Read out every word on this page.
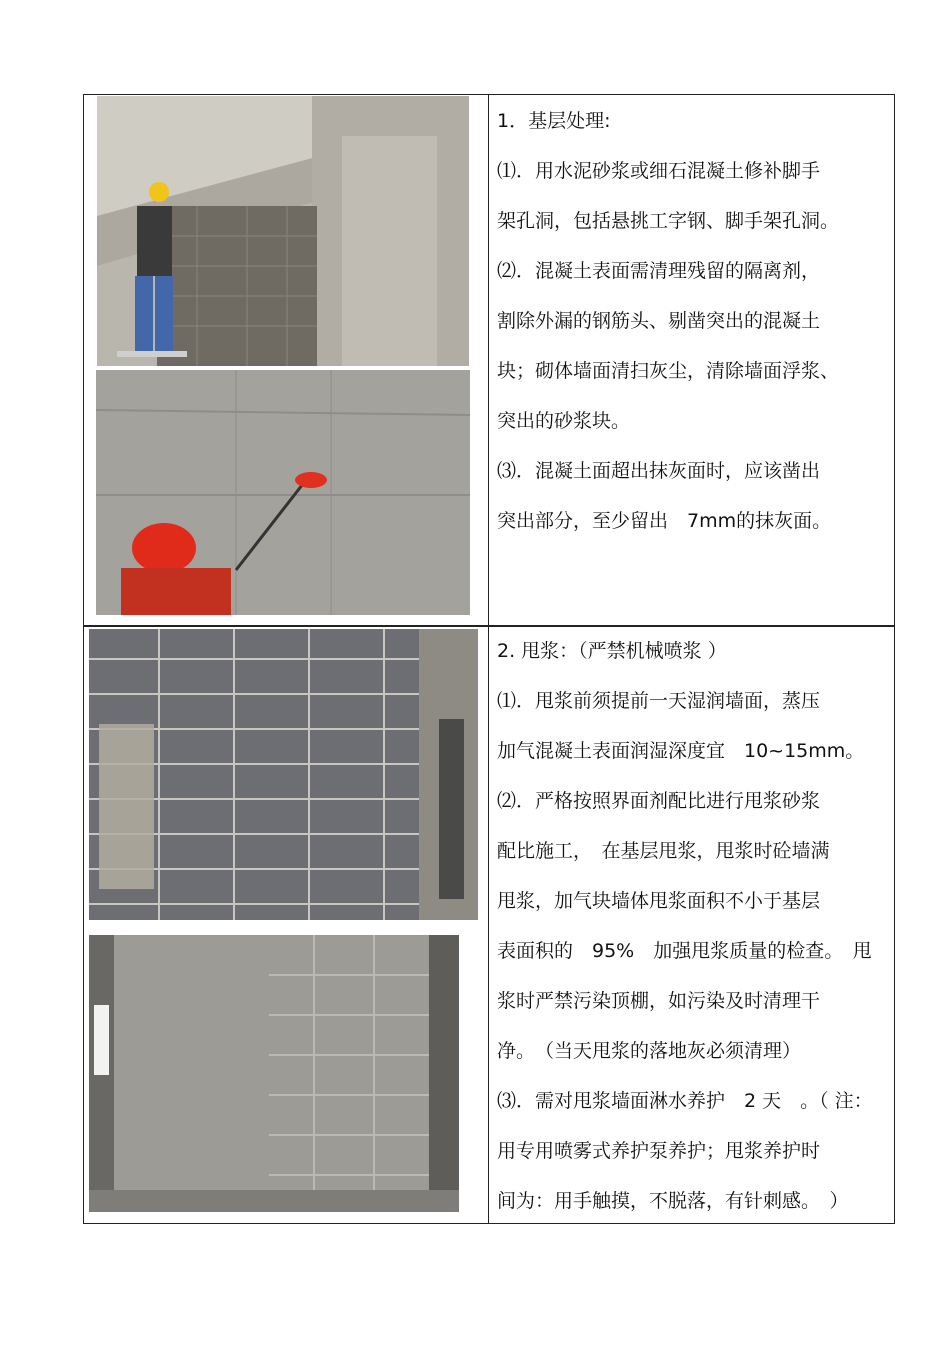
1．基层处理:
⑴．用水泥砂浆或细石混凝土修补脚手
架孔洞，包括悬挑工字钢、脚手架孔洞。
⑵．混凝土表面需清理残留的隔离剂，
割除外漏的钢筋头、剔凿突出的混凝土
块；砌体墙面清扫灰尘，清除墙面浮浆、
突出的砂浆块。
⑶．混凝土面超出抹灰面时，应该凿出
突出部分，至少留出　7mm的抹灰面。
2. 甩浆：（严禁机械喷浆 ）
⑴．甩浆前须提前一天湿润墙面，蒸压
加气混凝土表面润湿深度宜　10~15mm。
⑵．严格按照界面剂配比进行甩浆砂浆
配比施工，　在基层甩浆，甩浆时砼墙满
甩浆，加气块墙体甩浆面积不小于基层
表面积的　95%　加强甩浆质量的检查。　甩
浆时严禁污染顶棚，如污染及时清理干
净。　（当天甩浆的落地灰必须清理）
⑶．需对甩浆墙面淋水养护　2 天　。（ 注：
用专用喷雾式养护泵养护；甩浆养护时
间为：用手触摸，不脱落，有针刺感。　）
